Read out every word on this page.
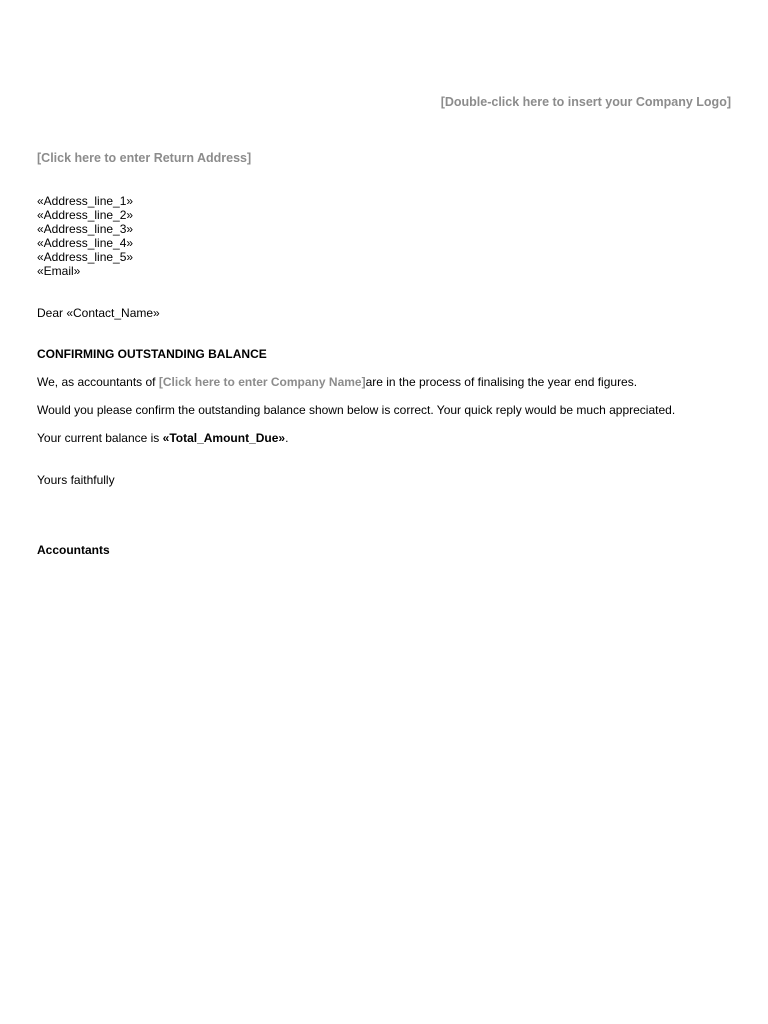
[Double-click here to insert your Company Logo]
[Click here to enter Return Address]
«Address_line_1»
«Address_line_2»
«Address_line_3»
«Address_line_4»
«Address_line_5»
«Email»
Dear «Contact_Name»
CONFIRMING OUTSTANDING BALANCE
We, as accountants of [Click here to enter Company Name]are in the process of finalising the year end figures.
Would you please confirm the outstanding balance shown below is correct. Your quick reply would be much appreciated.
Your current balance is «Total_Amount_Due».
Yours faithfully
Accountants
